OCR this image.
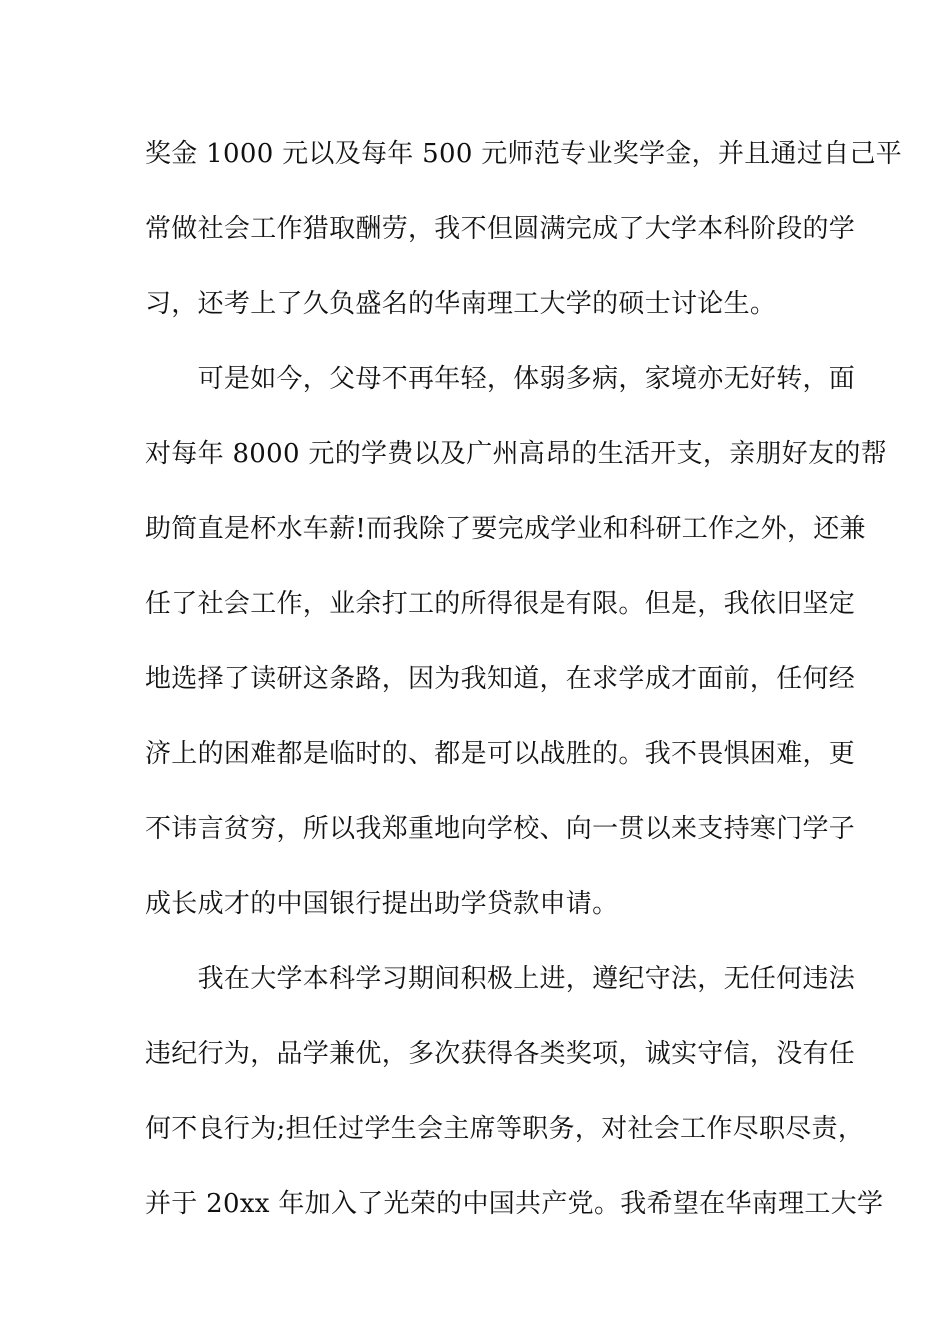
奖金 1000 元以及每年 500 元师范专业奖学金，并且通过自己平
常做社会工作猎取酬劳，我不但圆满完成了大学本科阶段的学
习，还考上了久负盛名的华南理工大学的硕士讨论生。
　　可是如今，父母不再年轻，体弱多病，家境亦无好转，面
对每年 8000 元的学费以及广州高昂的生活开支，亲朋好友的帮
助简直是杯水车薪!而我除了要完成学业和科研工作之外，还兼
任了社会工作，业余打工的所得很是有限。但是，我依旧坚定
地选择了读研这条路，因为我知道，在求学成才面前，任何经
济上的困难都是临时的、都是可以战胜的。我不畏惧困难，更
不讳言贫穷，所以我郑重地向学校、向一贯以来支持寒门学子
成长成才的中国银行提出助学贷款申请。
　　我在大学本科学习期间积极上进，遵纪守法，无任何违法
违纪行为，品学兼优，多次获得各类奖项，诚实守信，没有任
何不良行为;担任过学生会主席等职务，对社会工作尽职尽责，
并于 20xx 年加入了光荣的中国共产党。我希望在华南理工大学
